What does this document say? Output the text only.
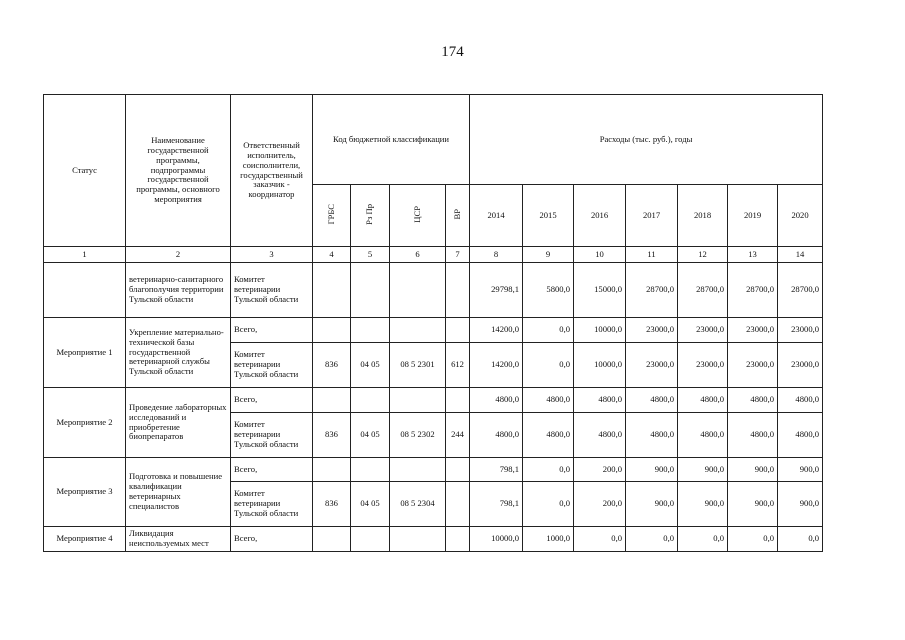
174
Статус	Наименование государственной программы, подпрограммы государственной программы, основного мероприятия	Ответственный исполнитель, соисполнители, государственный заказчик - координатор	Код бюджетной классификации				Расходы (тыс. руб.), годы						
			ГРБС	Рз Пр	ЦСР	ВР	2014	2015	2016	2017	2018	2019	2020
1	2	3	4	5	6	7	8	9	10	11	12	13	14
	ветеринарно-санитарного благополучия территории Тульской области	Комитет ветеринарии Тульской области					29798,1	5800,0	15000,0	28700,0	28700,0	28700,0	28700,0
Мероприятие 1	Укрепление материально-технической базы государственной ветеринарной службы Тульской области	Всего,					14200,0	0,0	10000,0	23000,0	23000,0	23000,0	23000,0
		Комитет ветеринарии Тульской области	836	04 05	08 5 2301	612	14200,0	0,0	10000,0	23000,0	23000,0	23000,0	23000,0
Мероприятие 2	Проведение лабораторных исследований и приобретение биопрепаратов	Всего,					4800,0	4800,0	4800,0	4800,0	4800,0	4800,0	4800,0
		Комитет ветеринарии Тульской области	836	04 05	08 5 2302	244	4800,0	4800,0	4800,0	4800,0	4800,0	4800,0	4800,0
Мероприятие 3	Подготовка и повышение квалификации ветеринарных специалистов	Всего,					798,1	0,0	200,0	900,0	900,0	900,0	900,0
		Комитет ветеринарии Тульской области	836	04 05	08 5 2304		798,1	0,0	200,0	900,0	900,0	900,0	900,0
Мероприятие 4	Ликвидация неиспользуемых мест	Всего,					10000,0	1000,0	0,0	0,0	0,0	0,0	0,0
